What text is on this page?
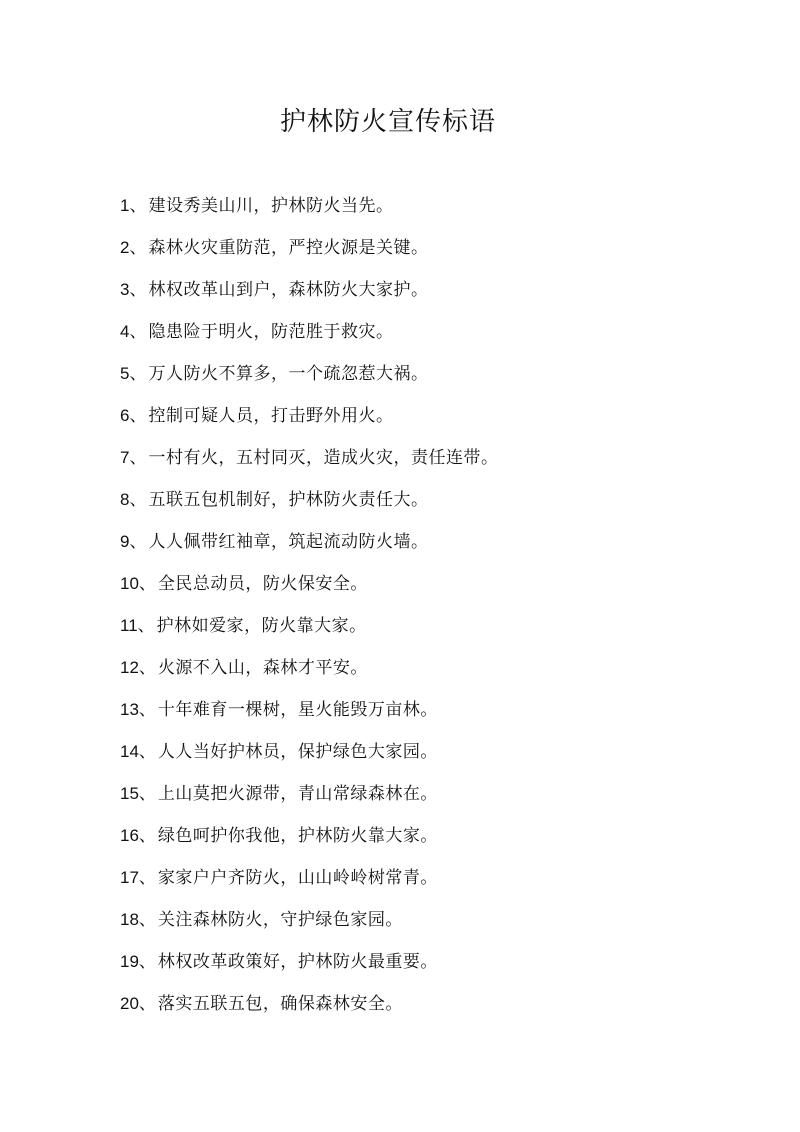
护林防火宣传标语
1 、 建设秀美山川，护林防火当先。
2 、 森林火灾重防范，严控火源是关键。
3 、 林权改革山到户，森林防火大家护。
4 、 隐患险于明火，防范胜于救灾。
5 、 万人防火不算多，一个疏忽惹大祸。
6 、 控制可疑人员，打击野外用火。
7 、 一村有火，五村同灭，造成火灾，责任连带。
8 、 五联五包机制好，护林防火责任大。
9 、 人人佩带红袖章，筑起流动防火墙。
10 、 全民总动员，防火保安全。
11 、 护林如爱家，防火靠大家。
12 、 火源不入山，森林才平安。
13 、 十年难育一棵树，星火能毁万亩林。
14 、 人人当好护林员，保护绿色大家园。
15 、 上山莫把火源带，青山常绿森林在。
16 、 绿色呵护你我他，护林防火靠大家。
17 、 家家户户齐防火，山山岭岭树常青。
18 、 关注森林防火，守护绿色家园。
19 、 林权改革政策好，护林防火最重要。
20 、 落实五联五包，确保森林安全。
